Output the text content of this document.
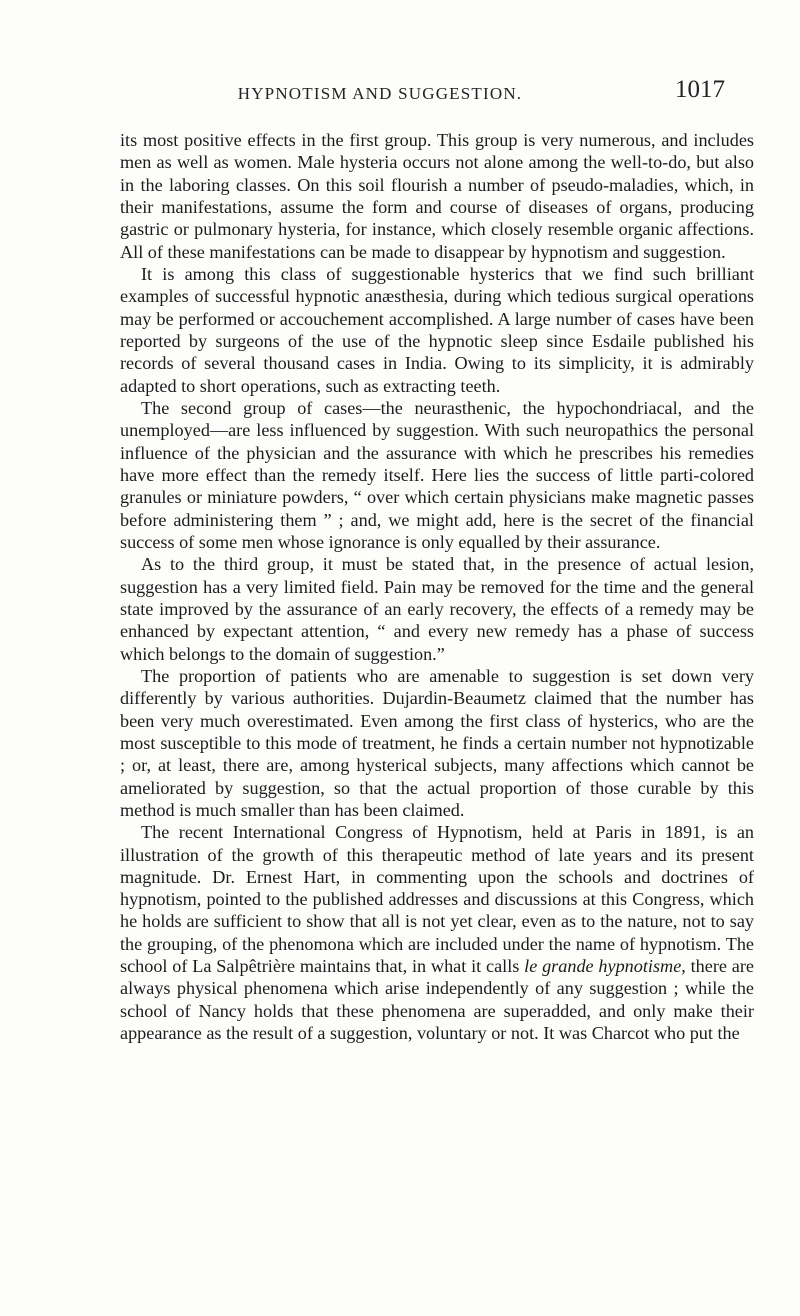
HYPNOTISM AND SUGGESTION.	1017

its most positive effects in the first group. This group is very numerous, and includes men as well as women. Male hysteria occurs not alone among the well-to-do, but also in the laboring classes. On this soil flourish a number of pseudo-maladies, which, in their manifestations, assume the form and course of diseases of organs, producing gastric or pulmonary hysteria, for instance, which closely resemble organic affections. All of these manifestations can be made to disappear by hypnotism and suggestion.

It is among this class of suggestionable hysterics that we find such brilliant examples of successful hypnotic anæsthesia, during which tedious surgical operations may be performed or accouchement accomplished. A large number of cases have been reported by surgeons of the use of the hypnotic sleep since Esdaile published his records of several thousand cases in India. Owing to its simplicity, it is admirably adapted to short operations, such as extracting teeth.

The second group of cases—the neurasthenic, the hypochondriacal, and the unemployed—are less influenced by suggestion. With such neuropathics the personal influence of the physician and the assurance with which he prescribes his remedies have more effect than the remedy itself. Here lies the success of little parti-colored granules or miniature powders, “ over which certain physicians make magnetic passes before administering them ” ; and, we might add, here is the secret of the financial success of some men whose ignorance is only equalled by their assurance.

As to the third group, it must be stated that, in the presence of actual lesion, suggestion has a very limited field. Pain may be removed for the time and the general state improved by the assurance of an early recovery, the effects of a remedy may be enhanced by expectant attention, “ and every new remedy has a phase of success which belongs to the domain of suggestion.”

The proportion of patients who are amenable to suggestion is set down very differently by various authorities. Dujardin-Beaumetz claimed that the number has been very much overestimated. Even among the first class of hysterics, who are the most susceptible to this mode of treatment, he finds a certain number not hypnotizable ; or, at least, there are, among hysterical subjects, many affections which cannot be ameliorated by suggestion, so that the actual proportion of those curable by this method is much smaller than has been claimed.

The recent International Congress of Hypnotism, held at Paris in 1891, is an illustration of the growth of this therapeutic method of late years and its present magnitude. Dr. Ernest Hart, in commenting upon the schools and doctrines of hypnotism, pointed to the published addresses and discussions at this Congress, which he holds are sufficient to show that all is not yet clear, even as to the nature, not to say the grouping, of the phenomona which are included under the name of hypnotism. The school of La Salpêtrière maintains that, in what it calls le grande hypnotisme, there are always physical phenomena which arise independently of any suggestion ; while the school of Nancy holds that these phenomena are superadded, and only make their appearance as the result of a suggestion, voluntary or not. It was Charcot who put the
